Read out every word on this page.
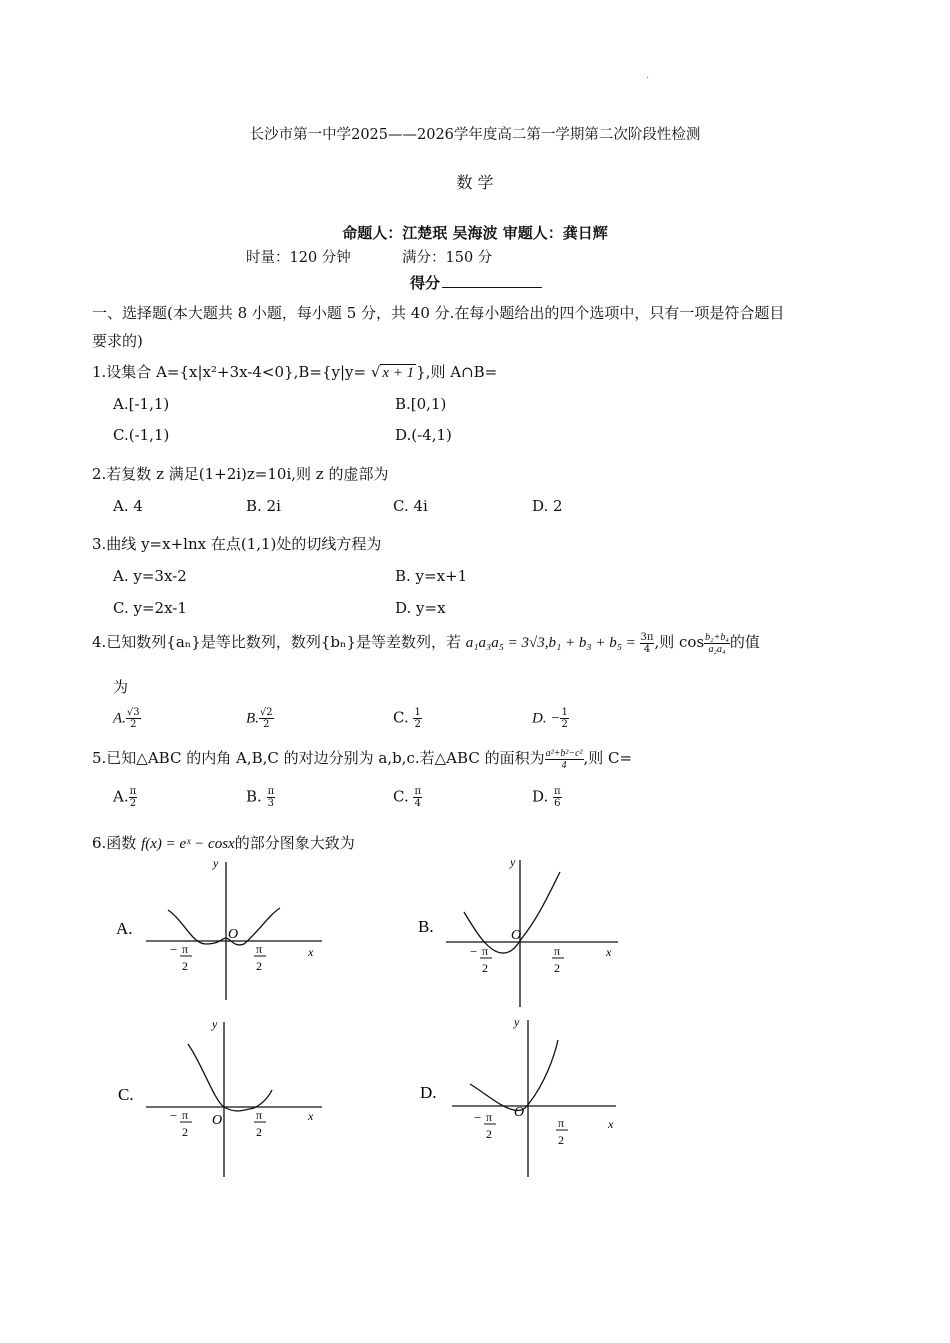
.
长沙市第一中学2025——2026学年度高二第一学期第二次阶段性检测
数 学
命题人：江楚珉 吴海波 审题人：龚日辉
时量：120 分钟	满分：150 分
得分
一、选择题(本大题共 8 小题，每小题 5 分，共 40 分.在每小题给出的四个选项中，只有一项是符合题目
要求的)
1.设集合 A={x|x²+3x-4<0},B={y|y= √ x + 1 },则 A∩B=
A.[-1,1)	B.[0,1)
C.(-1,1)	D.(-4,1)
2.若复数 z 满足(1+2i)z=10i,则 z 的虚部为
A. 4	B. 2i	C. 4i	D. 2
3.曲线 y=x+lnx 在点(1,1)处的切线方程为
A. y=3x-2	B. y=x+1
C. y=2x-1	D. y=x
4.已知数列{aₙ}是等比数列，数列{bₙ}是等差数列，若 $a_1a_3a_5 = 3√3,b_1 + b_3 + b_5 = \frac{3\pi}{4}$ ,则 $\cos \frac{\text{b₂+b₄}}{\text{a₂a₄}}$ 的值
为
A. $\frac{√3}{2}$	B. $\frac{√2}{2}$	C. $\frac{1}{2}$	D. − $\frac{1}{2}$
5.已知△ABC 的内角 A,B,C 的对边分别为 a,b,c.若△ABC 的面积为 $\frac{\text{a²+b²−c²}}{4}$ ,则 C=
A. $\frac{\pi}{2}$	B. $\frac{\pi}{3}$	C. $\frac{\pi}{4}$	D. $\frac{\pi}{6}$
6.函数 f(x) = eˣ − cosx的部分图象大致为
A.
y
x
O
− π
2
π
2
B.
y
x
O
− π
2
π
2
C.
y
x
O
− π
2
π
2
D.
y
x
O
− π
2
π
2
